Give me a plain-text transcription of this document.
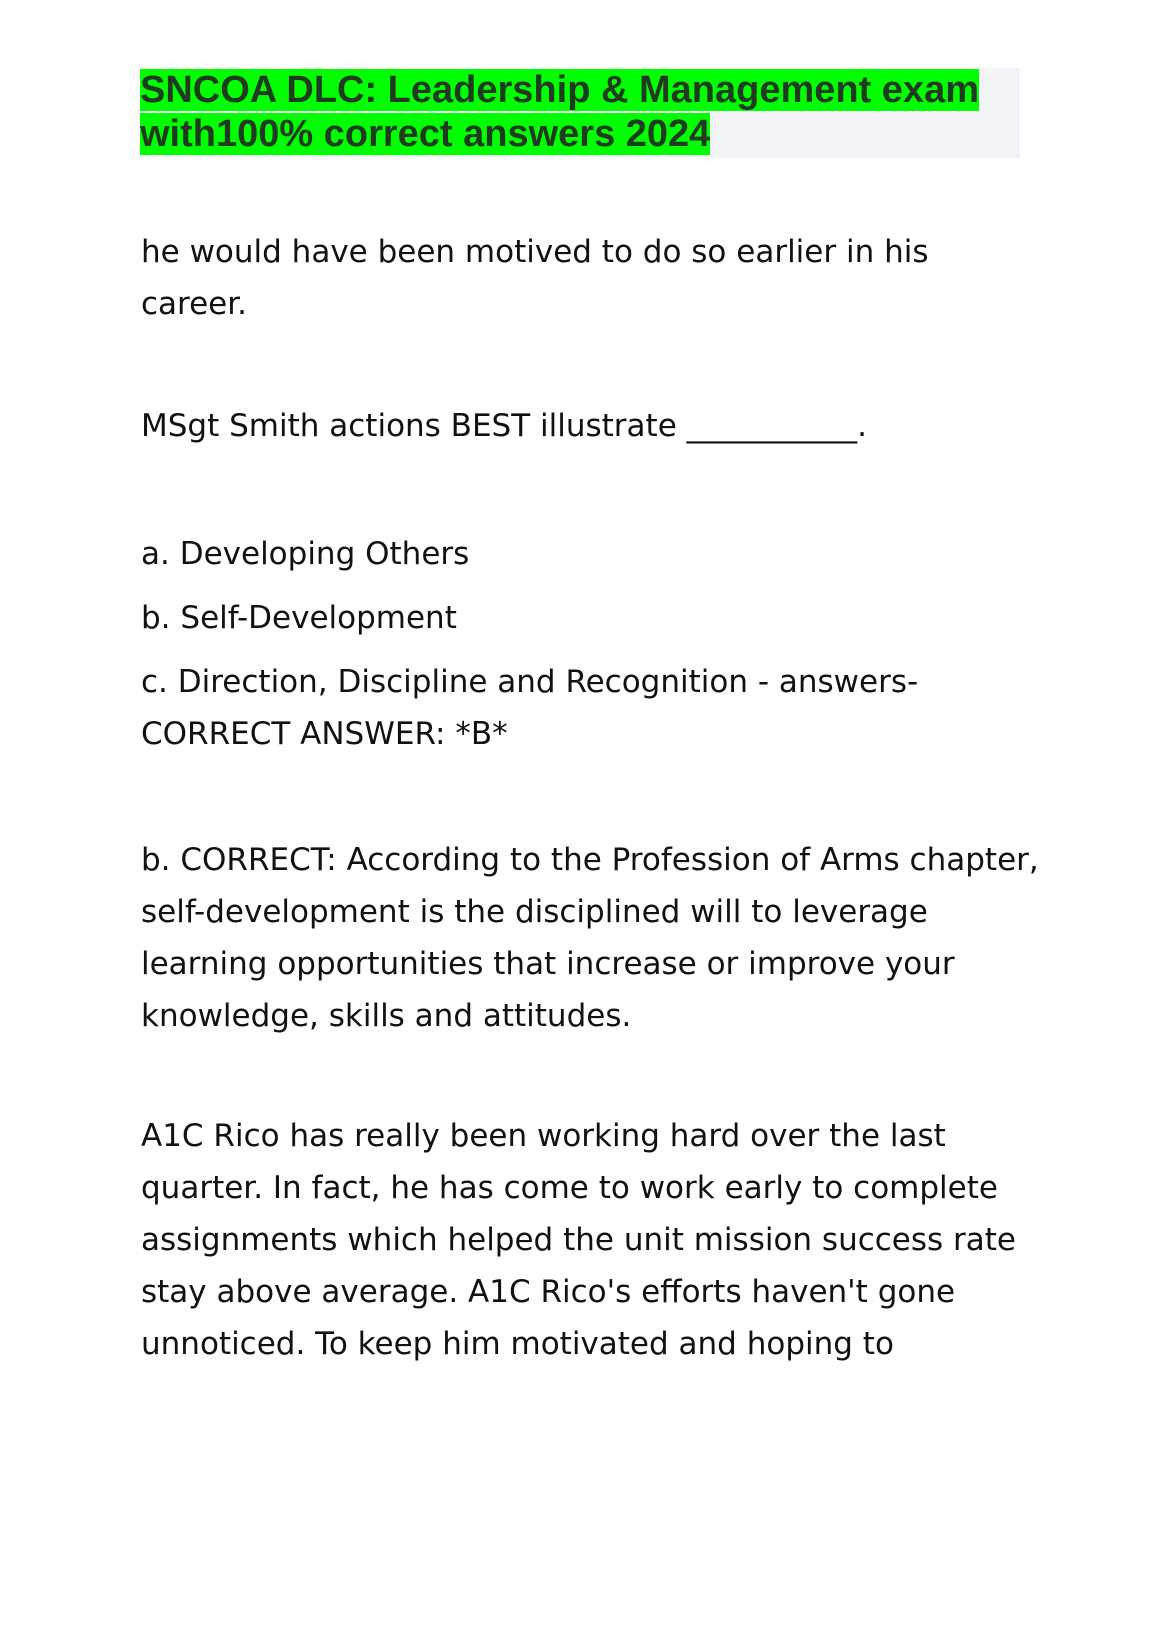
SNCOA DLC: Leadership & Management exam
with100% correct answers 2024

he would have been motived to do so earlier in his career.

MSgt Smith actions BEST illustrate ___________.

a. Developing Others

b. Self-Development

c. Direction, Discipline and Recognition - answers-CORRECT ANSWER: *B*

b. CORRECT: According to the Profession of Arms chapter, self-development is the disciplined will to leverage learning opportunities that increase or improve your knowledge, skills and attitudes.

A1C Rico has really been working hard over the last quarter. In fact, he has come to work early to complete assignments which helped the unit mission success rate stay above average. A1C Rico's efforts haven't gone unnoticed. To keep him motivated and hoping to
